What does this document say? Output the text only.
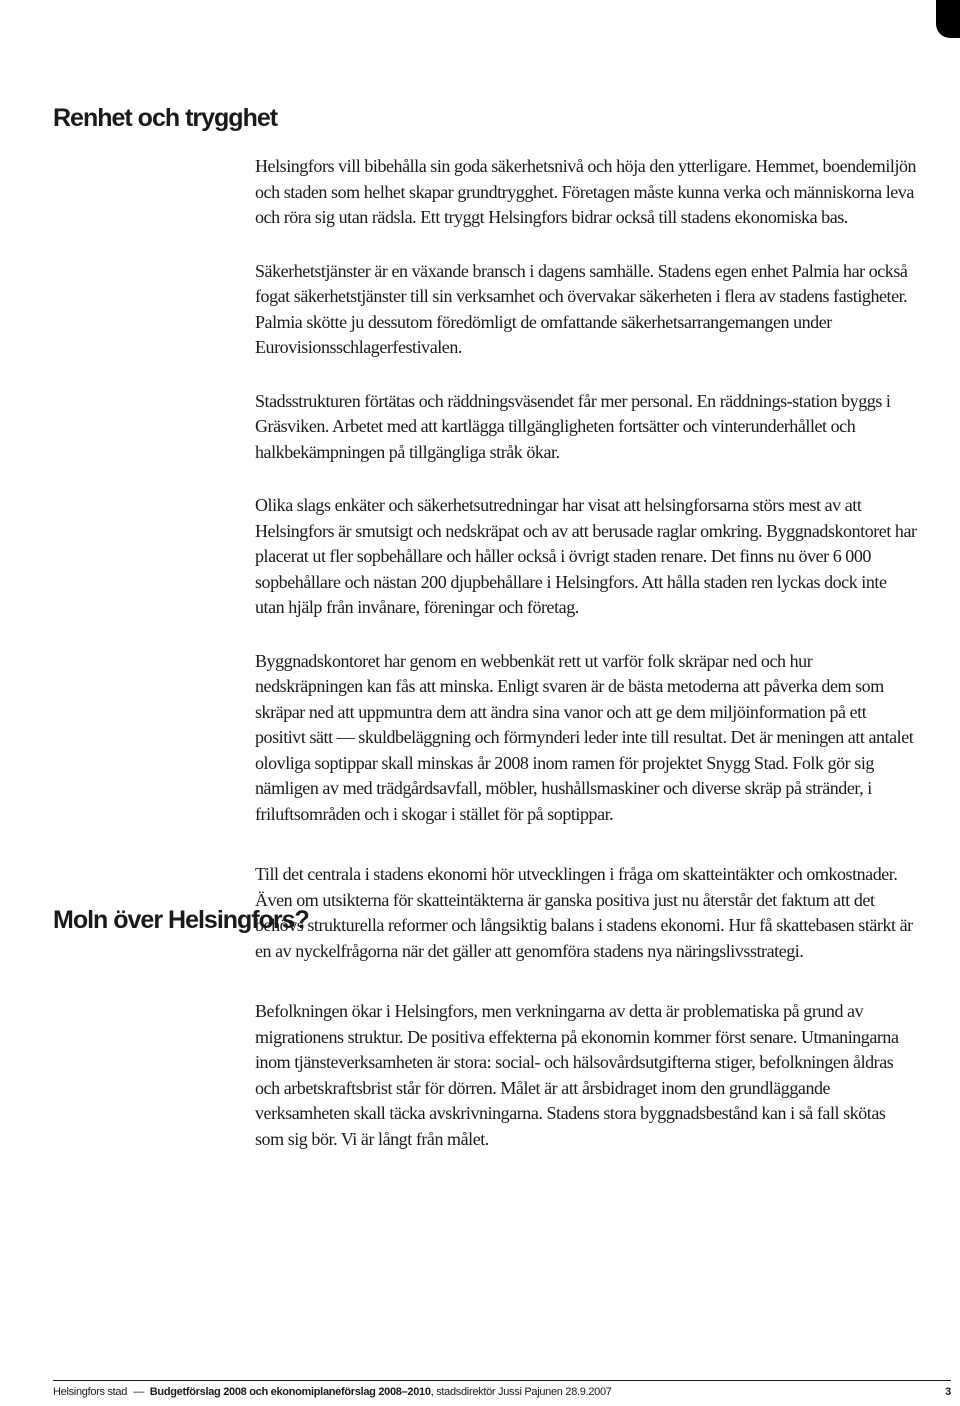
Renhet och trygghet
Moln över Helsingfors?

Helsingfors vill bibehålla sin goda säkerhetsnivå och höja den ytterligare. Hemmet, boendemiljön och staden som helhet skapar grundtrygghet. Företagen måste kunna verka och människorna leva och röra sig utan rädsla. Ett tryggt Helsingfors bidrar också till stadens ekonomiska bas.

Säkerhetstjänster är en växande bransch i dagens samhälle. Stadens egen enhet Palmia har också fogat säkerhetstjänster till sin verksamhet och övervakar säkerheten i flera av stadens fastigheter. Palmia skötte ju dessutom föredömligt de omfattande säkerhetsarrangemangen under Eurovisionsschlagerfestivalen.

Stadsstrukturen förtätas och räddningsväsendet får mer personal. En räddnings-station byggs i Gräsviken. Arbetet med att kartlägga tillgängligheten fortsätter och vinterunderhållet och halkbekämpningen på tillgängliga stråk ökar.

Olika slags enkäter och säkerhetsutredningar har visat att helsingforsarna störs mest av att Helsingfors är smutsigt och nedskräpat och av att berusade raglar omkring. Byggnadskontoret har placerat ut fler sopbehållare och håller också i övrigt staden renare. Det finns nu över 6 000 sopbehållare och nästan 200 djupbehållare i Helsingfors. Att hålla staden ren lyckas dock inte utan hjälp från invånare, föreningar och företag.

Byggnadskontoret har genom en webbenkät rett ut varför folk skräpar ned och hur nedskräpningen kan fås att minska. Enligt svaren är de bästa metoderna att påverka dem som skräpar ned att uppmuntra dem att ändra sina vanor och att ge dem miljöinformation på ett positivt sätt — skuldbeläggning och förmynderi leder inte till resultat. Det är meningen att antalet olovliga soptippar skall minskas år 2008 inom ramen för projektet Snygg Stad. Folk gör sig nämligen av med trädgårdsavfall, möbler, hushållsmaskiner och diverse skräp på stränder, i friluftsområden och i skogar i stället för på soptippar.

Till det centrala i stadens ekonomi hör utvecklingen i fråga om skatteintäkter och omkostnader. Även om utsikterna för skatteintäkterna är ganska positiva just nu återstår det faktum att det behövs strukturella reformer och långsiktig balans i stadens ekonomi. Hur få skattebasen stärkt är en av nyckelfrågorna när det gäller att genomföra stadens nya näringslivsstrategi.

Befolkningen ökar i Helsingfors, men verkningarna av detta är problematiska på grund av migrationens struktur. De positiva effekterna på ekonomin kommer först senare. Utmaningarna inom tjänsteverksamheten är stora: social- och hälsovårdsutgifterna stiger, befolkningen åldras och arbetskraftsbrist står för dörren. Målet är att årsbidraget inom den grundläggande verksamheten skall täcka avskrivningarna. Stadens stora byggnadsbestånd kan i så fall skötas som sig bör. Vi är långt från målet.

Helsingfors stad — Budgetförslag 2008 och ekonomiplaneförslag 2008–2010, stadsdirektör Jussi Pajunen 28.9.2007	3
